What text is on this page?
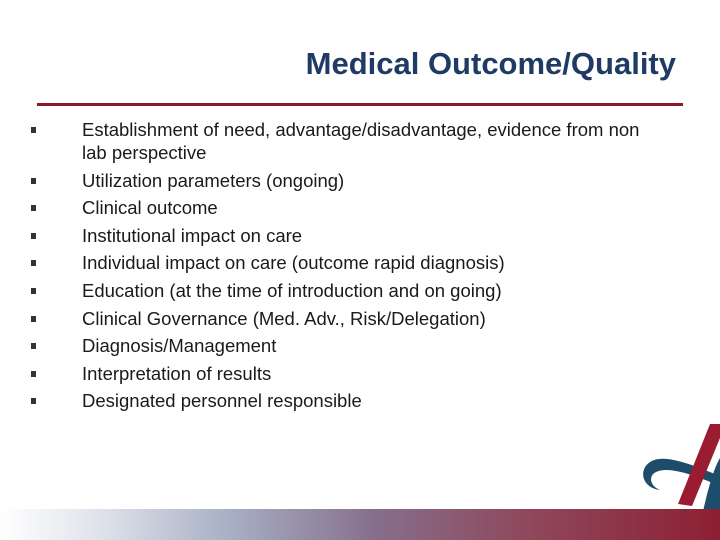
Medical Outcome/Quality
Establishment of need, advantage/disadvantage, evidence from non lab perspective
Utilization parameters (ongoing)
Clinical outcome
Institutional impact on care
Individual impact on care (outcome rapid diagnosis)
Education (at the time of introduction and on going)
Clinical Governance (Med. Adv., Risk/Delegation)
Diagnosis/Management
Interpretation of results
Designated personnel responsible
